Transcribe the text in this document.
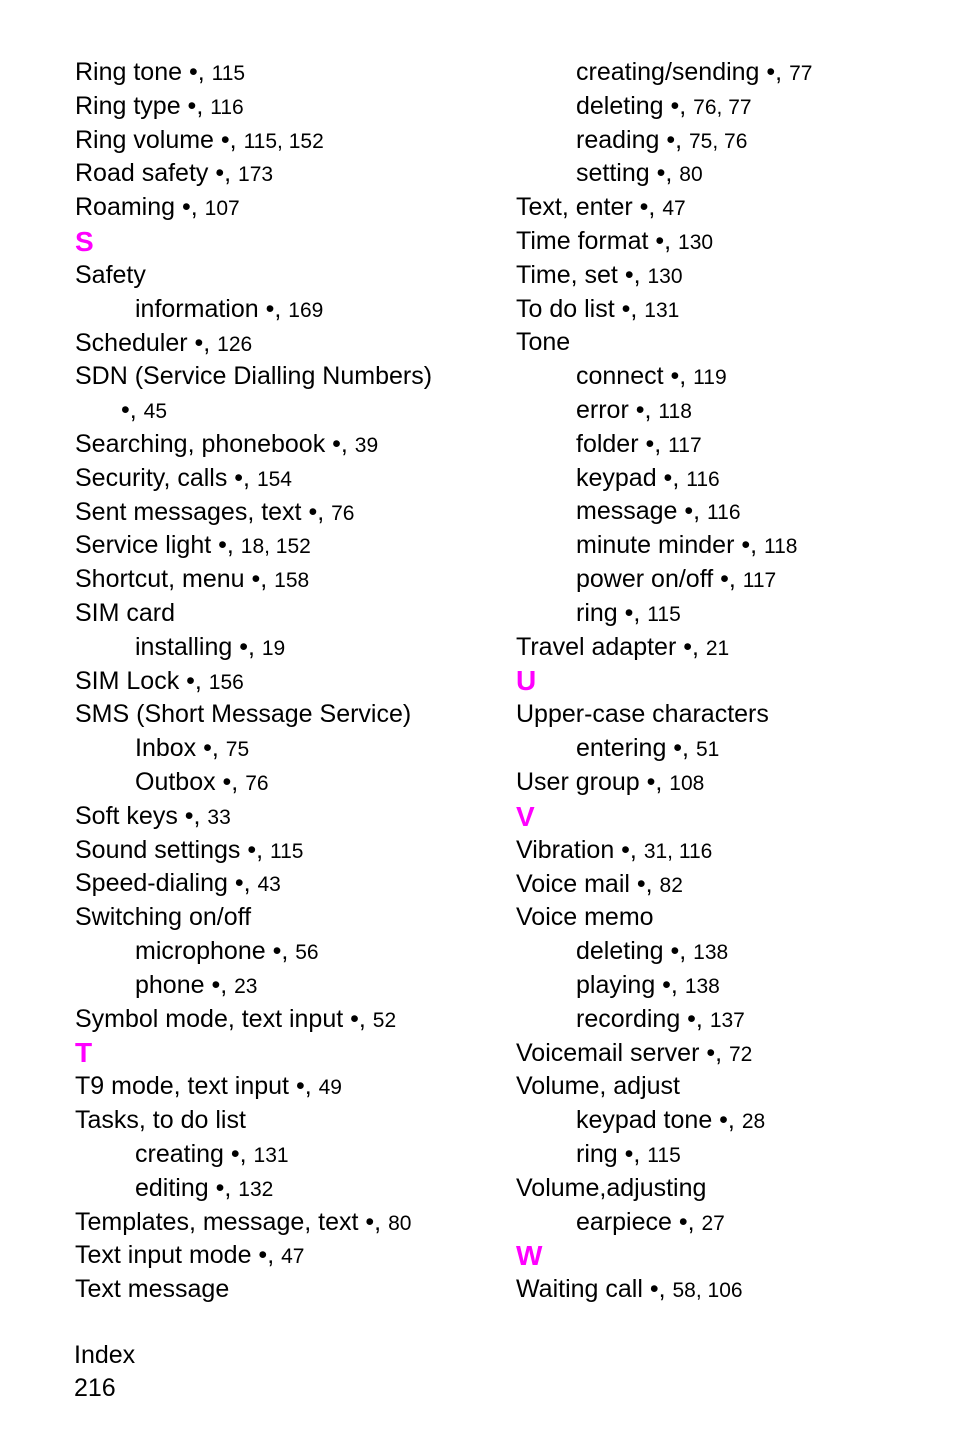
Ring tone •, 115
Ring type •, 116
Ring volume •, 115, 152
Road safety •, 173
Roaming •, 107
S
Safety
information •, 169
Scheduler •, 126
SDN (Service Dialling Numbers)
•, 45
Searching, phonebook •, 39
Security, calls •, 154
Sent messages, text •, 76
Service light •, 18, 152
Shortcut, menu •, 158
SIM card
installing •, 19
SIM Lock •, 156
SMS (Short Message Service)
Inbox •, 75
Outbox •, 76
Soft keys •, 33
Sound settings •, 115
Speed-dialing •, 43
Switching on/off
microphone •, 56
phone •, 23
Symbol mode, text input •, 52
T
T9 mode, text input •, 49
Tasks, to do list
creating •, 131
editing •, 132
Templates, message, text •, 80
Text input mode •, 47
Text message
creating/sending •, 77
deleting •, 76, 77
reading •, 75, 76
setting •, 80
Text, enter •, 47
Time format •, 130
Time, set •, 130
To do list •, 131
Tone
connect •, 119
error •, 118
folder •, 117
keypad •, 116
message •, 116
minute minder •, 118
power on/off •, 117
ring •, 115
Travel adapter •, 21
U
Upper-case characters
entering •, 51
User group •, 108
V
Vibration •, 31, 116
Voice mail •, 82
Voice memo
deleting •, 138
playing •, 138
recording •, 137
Voicemail server •, 72
Volume, adjust
keypad tone •, 28
ring •, 115
Volume,adjusting
earpiece •, 27
W
Waiting call •, 58, 106
Index
216
